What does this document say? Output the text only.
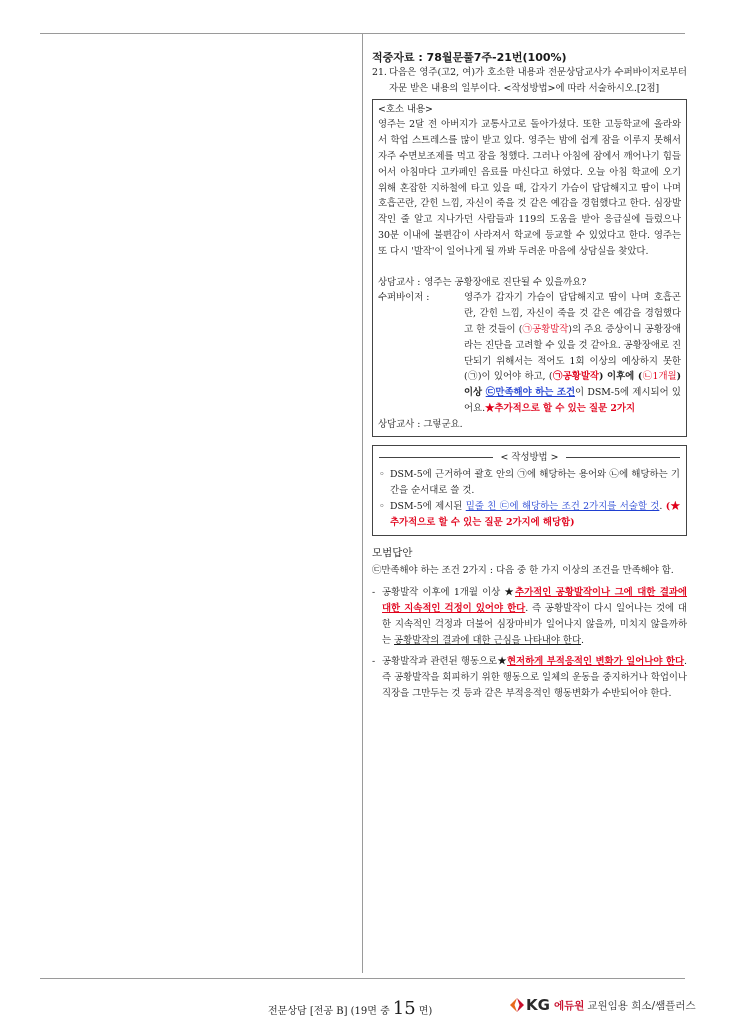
적중자료 : 78월문풀7주-21번(100%)
21. 다음은 영주(고2, 여)가 호소한 내용과 전문상담교사가 수퍼바이저로부터 자문 받은 내용의 일부이다. <작성방법>에 따라 서술하시오.[2점]

<호소 내용>

영주는 2달 전 아버지가 교통사고로 돌아가셨다. 또한 고등학교에 올라와서 학업 스트레스를 많이 받고 있다. 영주는 밤에 쉽게 잠을 이루지 못해서 자주 수면보조제를 먹고 잠을 청했다. 그러나 아침에 잠에서 깨어나기 힘들어서 아침마다 고카페인 음료를 마신다고 하였다. 오늘 아침 학교에 오기 위해 혼잡한 지하철에 타고 있을 때, 갑자기 가슴이 답답해지고 땀이 나며 호흡곤란, 갇힌 느낌, 자신이 죽을 것 같은 예감을 경험했다고 한다. 심장발작인 줄 알고 지나가던 사람들과 119의 도움을 받아 응급실에 들렀으나 30분 이내에 불편감이 사라져서 학교에 등교할 수 있었다고 한다. 영주는 또 다시 '발작'이 일어나게 될 까봐 두려운 마음에 상담실을 찾았다.

상담교사 : 영주는 공황장애로 진단될 수 있을까요?
수퍼바이저 :	영주가 갑자기 가슴이 답답해지고 땀이 나며 호흡곤란, 갇힌 느낌, 자신이 죽을 것 같은 예감을 경험했다고 한 것들이 (㉠공황발작)의 주요 증상이니 공황장애라는 진단을 고려할 수 있을 것 같아요. 공황장애로 진단되기 위해서는 적어도 1회 이상의 예상하지 못한 (㉠)이 있어야 하고, (㉠공황발작) 이후에 (㉡1개월) 이상 ㉢만족해야 하는 조건이 DSM-5에 제시되어 있어요.★추가적으로 할 수 있는 질문 2가지
상담교사 : 그렇군요.
< 작성방법 >
◦ DSM-5에 근거하여 괄호 안의 ㉠에 해당하는 용어와 ㉡에 해당하는 기간을 순서대로 쓸 것.
◦ DSM-5에 제시된 밑줄 친 ㉢에 해당하는 조건 2가지를 서술할 것. (★추가적으로 할 수 있는 질문 2가지에 해당함)
모범답안
㉢만족해야 하는 조건 2가지 : 다음 중 한 가지 이상의 조건을 만족해야 함.
- 공황발작 이후에 1개월 이상 ★추가적인 공황발작이나 그에 대한 결과에 대한 지속적인 걱정이 있어야 한다. 즉 공황발작이 다시 일어나는 것에 대한 지속적인 걱정과 더불어 심장마비가 일어나지 않을까, 미치지 않을까하는 공황발작의 결과에 대한 근심을 나타내야 한다.
- 공황발작과 관련된 행동으로★현저하게 부적응적인 변화가 일어나야 한다. 즉 공황발작을 회피하기 위한 행동으로 일체의 운동을 중지하거나 학업이나 직장을 그만두는 것 등과 같은 부적응적인 행동변화가 수반되어야 한다.
전문상담 [전공 B] (19면 중 15 면)	KG 에듀원 교원임용 희소/쌤플러스
